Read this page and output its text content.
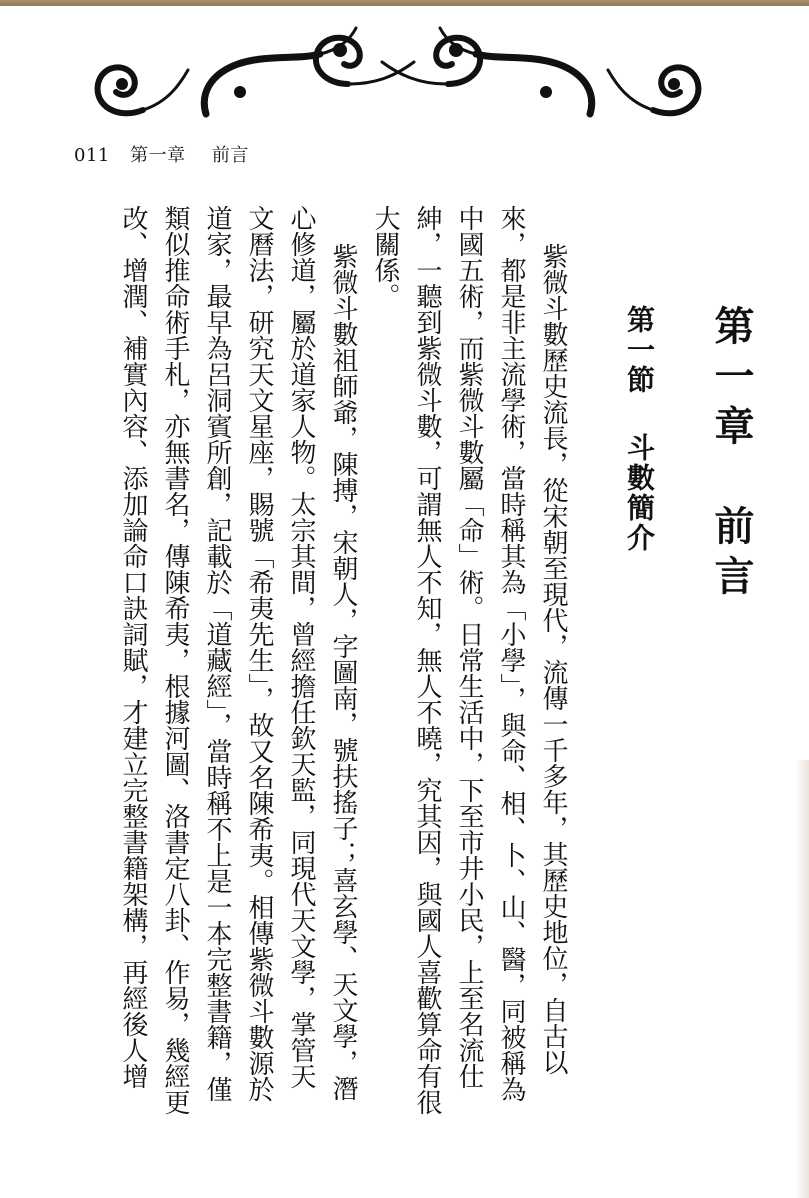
011 第一章 前言
第一章　前言
第一節斗數簡介
紫微斗數歷史流長，從宋朝至現代，流傳一千多年，其歷史地位，自古以
來，都是非主流學術，當時稱其為「小學」，與命、相、卜、山、醫，同被稱為
中國五術，而紫微斗數屬「命」術。日常生活中，下至市井小民，上至名流仕
紳，一聽到紫微斗數，可謂無人不知，無人不曉，究其因，與國人喜歡算命有很
大關係。
紫微斗數祖師爺，陳搏，宋朝人，字圖南，號扶搖子；喜玄學、天文學，潛
心修道，屬於道家人物。太宗其間，曾經擔任欽天監，同現代天文學，掌管天
文曆法，研究天文星座，賜號「希夷先生」，故又名陳希夷。相傳紫微斗數源於
道家，最早為呂洞賓所創，記載於「道藏經」，當時稱不上是一本完整書籍，僅
類似推命術手札，亦無書名，傳陳希夷，根據河圖、洛書定八卦、作易，幾經更
改、增潤、補實內容、添加論命口訣詞賦，才建立完整書籍架構，再經後人增
